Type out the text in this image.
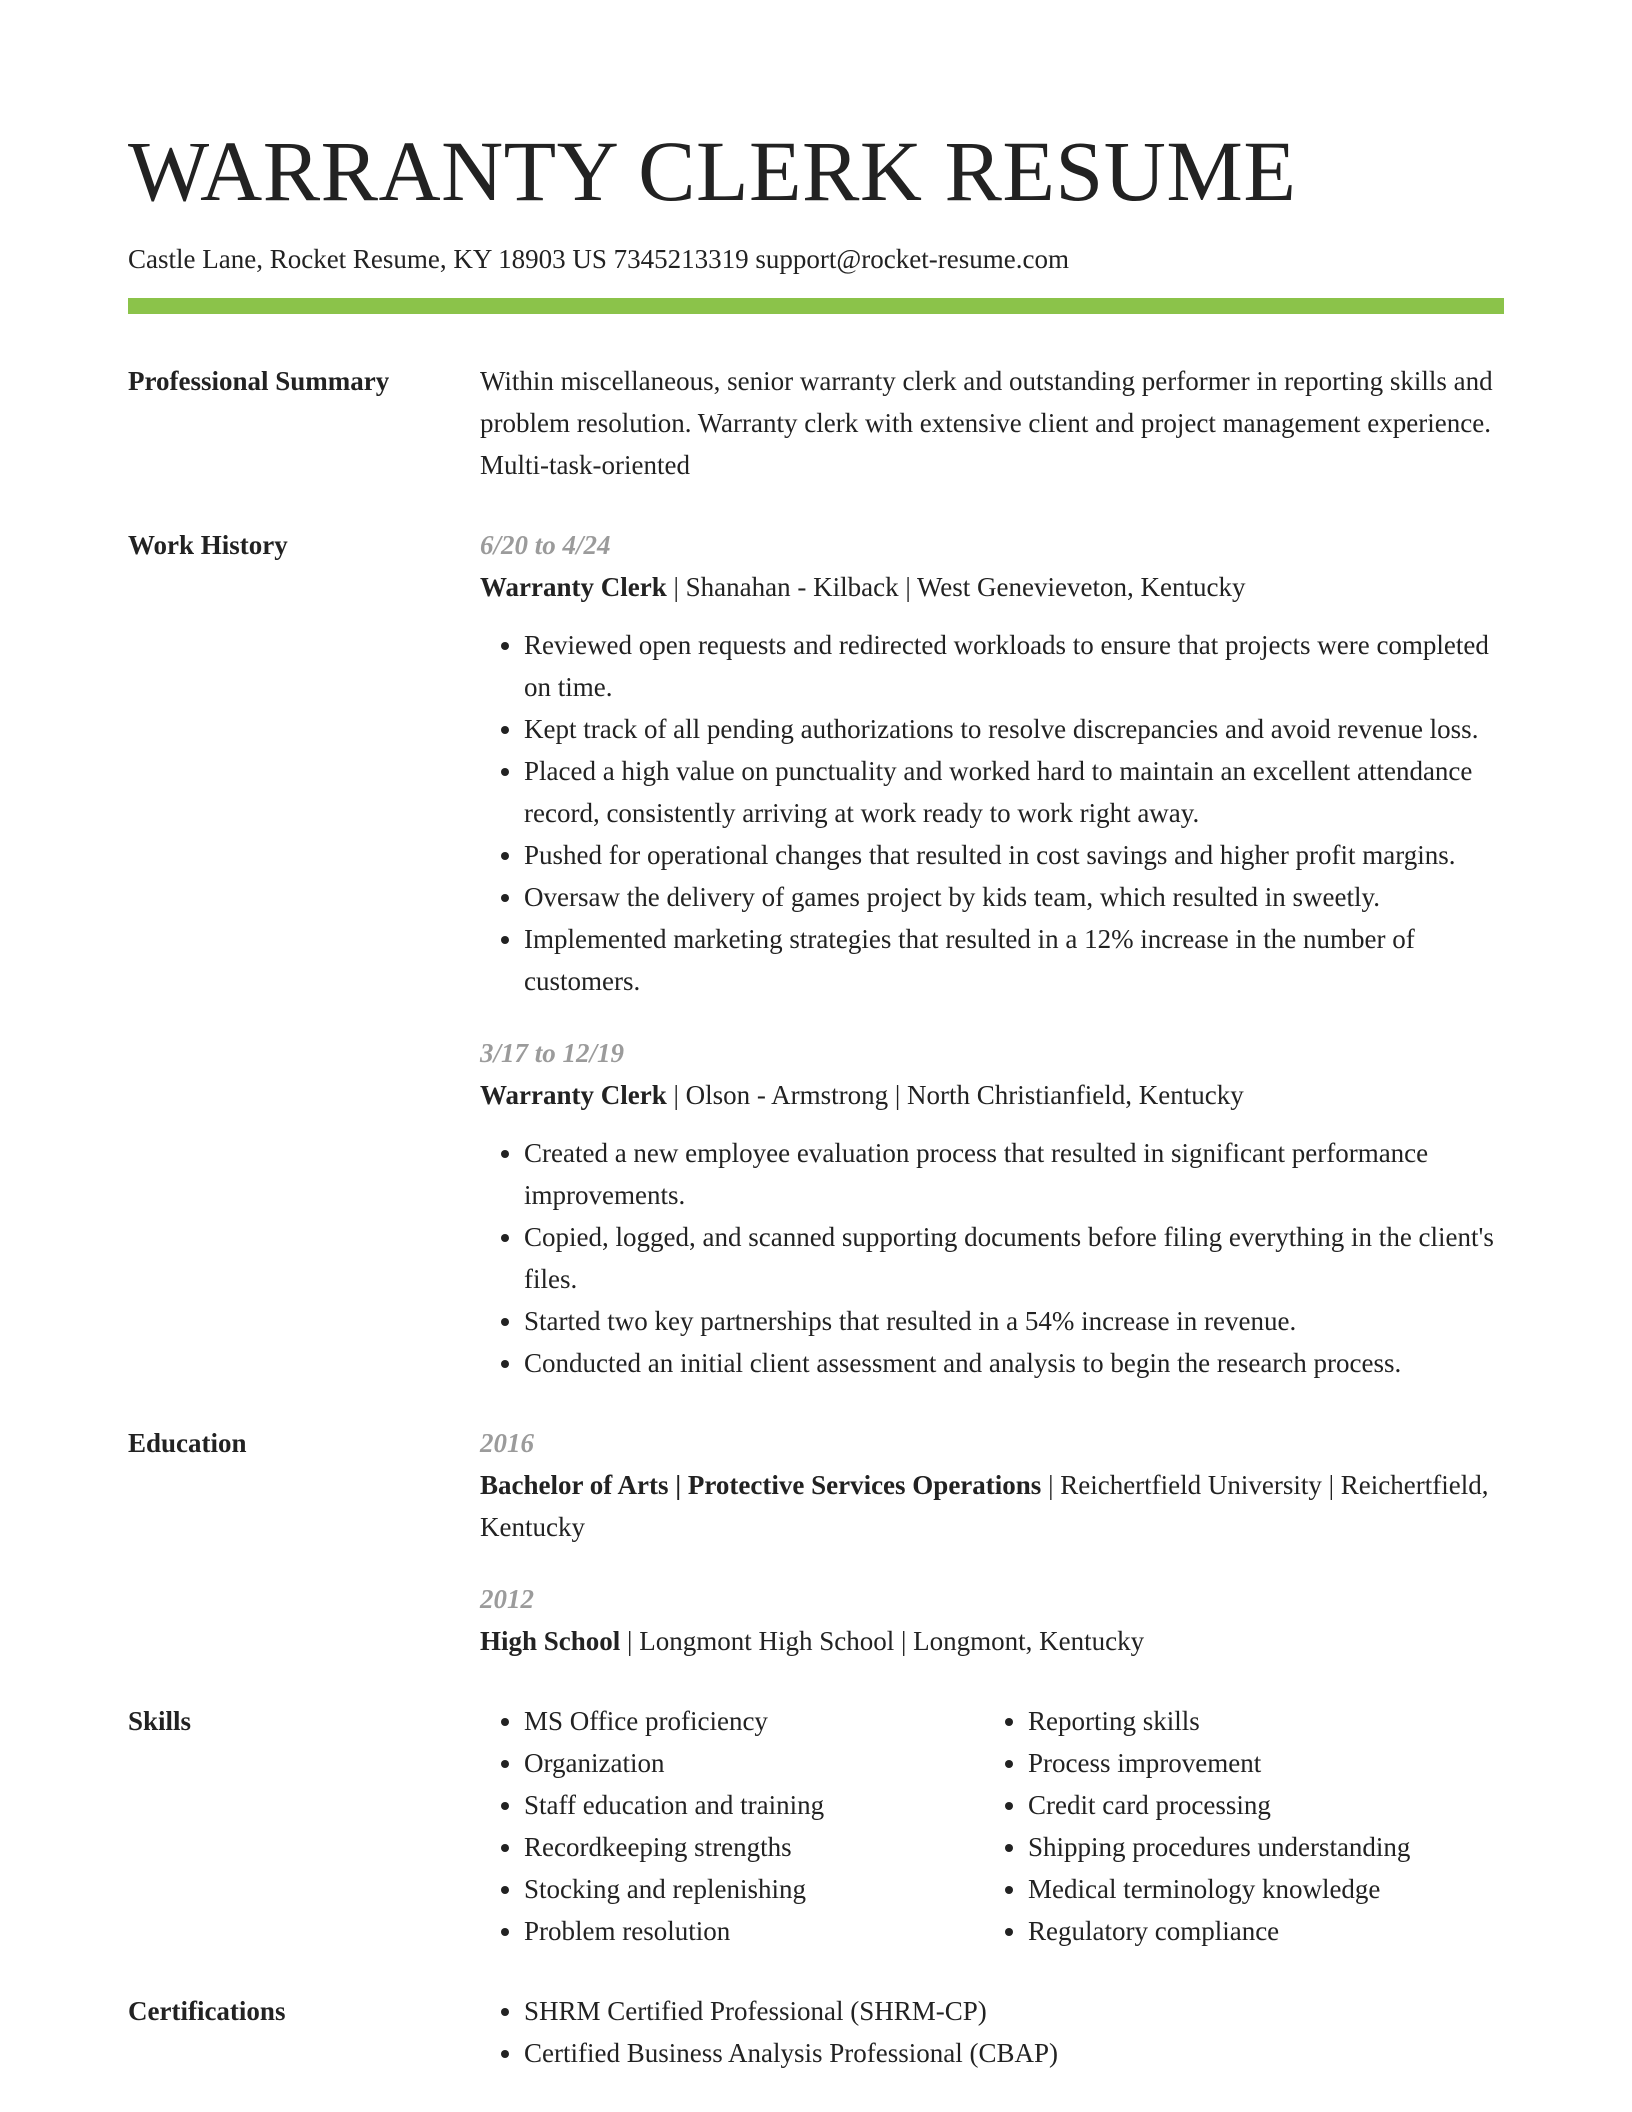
WARRANTY CLERK RESUME
Castle Lane, Rocket Resume, KY 18903 US 7345213319 support@rocket-resume.com
Professional Summary	Within miscellaneous, senior warranty clerk and outstanding performer in reporting skills and problem resolution. Warranty clerk with extensive client and project management experience. Multi-task-oriented

Work History	6/20 to 4/24
Warranty Clerk | Shanahan - Kilback | West Genevieveton, Kentucky
• Reviewed open requests and redirected workloads to ensure that projects were completed on time.
• Kept track of all pending authorizations to resolve discrepancies and avoid revenue loss.
• Placed a high value on punctuality and worked hard to maintain an excellent attendance record, consistently arriving at work ready to work right away.
• Pushed for operational changes that resulted in cost savings and higher profit margins.
• Oversaw the delivery of games project by kids team, which resulted in sweetly.
• Implemented marketing strategies that resulted in a 12% increase in the number of customers.
3/17 to 12/19
Warranty Clerk | Olson - Armstrong | North Christianfield, Kentucky
• Created a new employee evaluation process that resulted in significant performance improvements.
• Copied, logged, and scanned supporting documents before filing everything in the client's files.
• Started two key partnerships that resulted in a 54% increase in revenue.
• Conducted an initial client assessment and analysis to begin the research process.
Education	2016
Bachelor of Arts | Protective Services Operations | Reichertfield University | Reichertfield, Kentucky
2012
High School | Longmont High School | Longmont, Kentucky
Skills	• MS Office proficiency
• Organization
• Staff education and training
• Recordkeeping strengths
• Stocking and replenishing
• Problem resolution
• Reporting skills
• Process improvement
• Credit card processing
• Shipping procedures understanding
• Medical terminology knowledge
• Regulatory compliance
Certifications	• SHRM Certified Professional (SHRM-CP)
• Certified Business Analysis Professional (CBAP)
